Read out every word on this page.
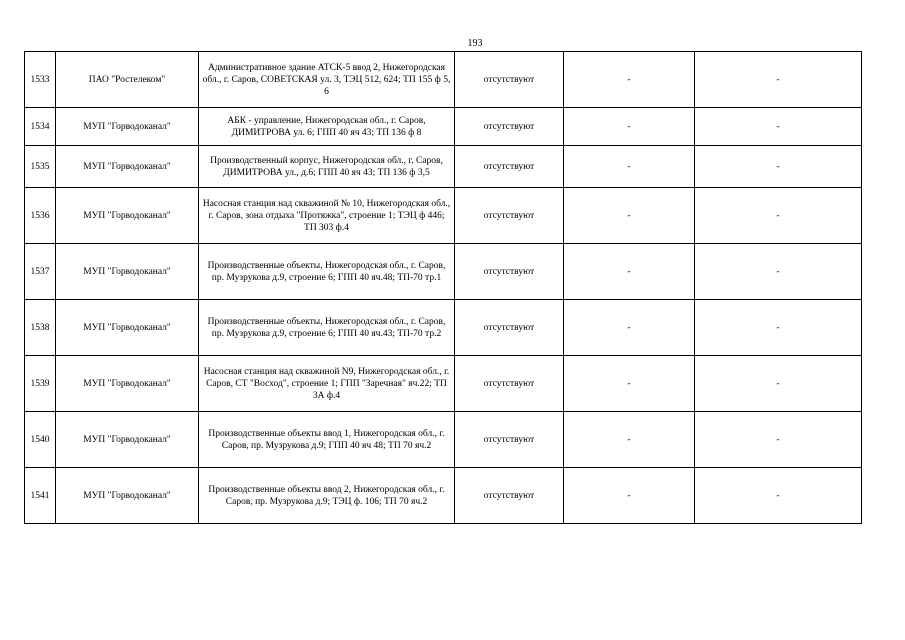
193
1533	ПАО "Ростелеком"	Административное здание АТСК-5 ввод 2, Нижегородская обл., г. Саров, СОВЕТСКАЯ ул. 3, ТЭЦ 512, 624; ТП 155 ф 5, 6	отсутствуют	-	-
1534	МУП "Горводоканал"	АБК - управление, Нижегородская обл., г. Саров, ДИМИТРОВА ул. 6; ГПП 40 яч 43; ТП 136 ф 8	отсутствуют	-	-
1535	МУП "Горводоканал"	Производственный корпус, Нижегородская обл., г. Саров, ДИМИТРОВА ул., д.6; ГПП 40 яч 43; ТП 136 ф 3,5	отсутствуют	-	-
1536	МУП "Горводоканал"	Насосная станция над скважиной № 10, Нижегородская обл., г. Саров, зона отдыха "Протяжка", строение 1; ТЭЦ ф 446; ТП 303 ф.4	отсутствуют	-	-
1537	МУП "Горводоканал"	Производственные объекты, Нижегородская обл., г. Саров, пр. Музрукова д.9, строение 6; ГПП 40 яч.48; ТП-70 тр.1	отсутствуют	-	-
1538	МУП "Горводоканал"	Производственные объекты, Нижегородская обл., г. Саров, пр. Музрукова д.9, строение 6; ГПП 40 яч.43; ТП-70 тр.2	отсутствуют	-	-
1539	МУП "Горводоканал"	Насосная станция над скважиной N9, Нижегородская обл., г. Саров, СТ "Восход", строение 1; ГПП "Заречная" яч.22; ТП 3А ф.4	отсутствуют	-	-
1540	МУП "Горводоканал"	Производственные объекты ввод 1, Нижегородская обл., г. Саров, пр. Музрукова д.9; ГПП 40 яч 48; ТП 70 яч.2	отсутствуют	-	-
1541	МУП "Горводоканал"	Производственные объекты ввод 2, Нижегородская обл., г. Саров, пр. Музрукова д.9; ТЭЦ ф. 106; ТП 70 яч.2	отсутствуют	-	-
